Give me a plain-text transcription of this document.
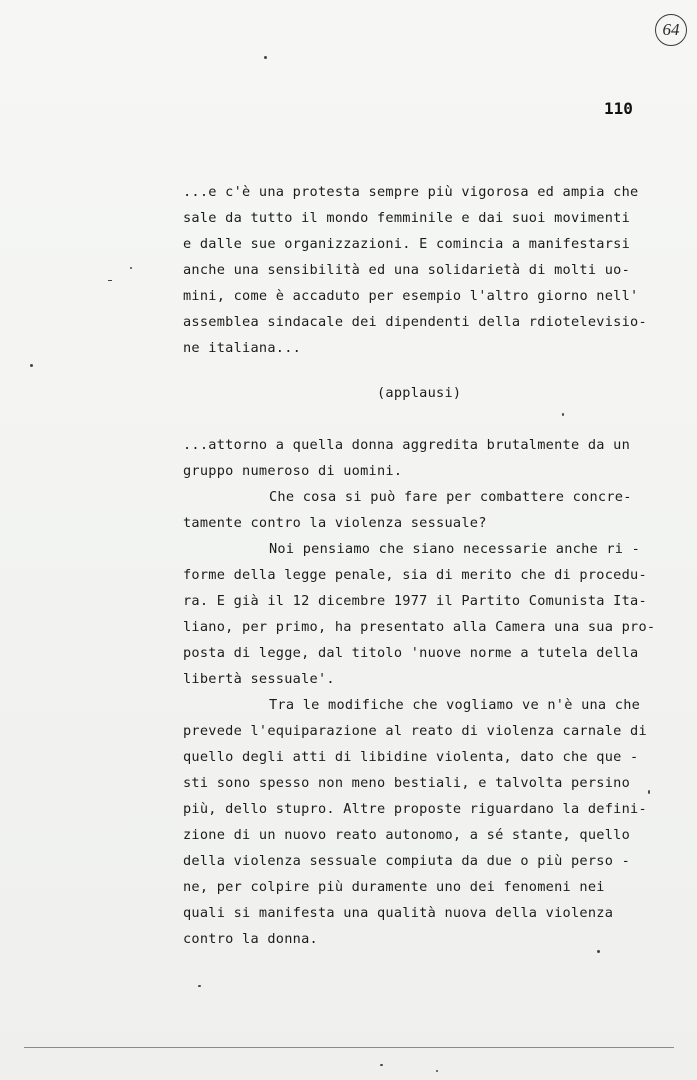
64
110
...e c'è una protesta sempre più vigorosa ed ampia che
sale da tutto il mondo femminile e dai suoi movimenti
e dalle sue organizzazioni. E comincia a manifestarsi
anche una sensibilità ed una solidarietà di molti uo-
mini, come è accaduto per esempio l'altro giorno nell'
assemblea sindacale dei dipendenti della rdiotelevisio-
ne italiana...
(applausi)
...attorno a quella donna aggredita brutalmente da un
gruppo numeroso di uomini.
Che cosa si può fare per combattere concre-
tamente contro la violenza sessuale?
Noi pensiamo che siano necessarie anche ri -
forme della legge penale, sia di merito che di procedu-
ra. E già il 12 dicembre 1977 il Partito Comunista Ita-
liano, per primo, ha presentato alla Camera una sua pro-
posta di legge, dal titolo 'nuove norme a tutela della
libertà sessuale'.
Tra le modifiche che vogliamo ve n'è una che
prevede l'equiparazione al reato di violenza carnale di
quello degli atti di libidine violenta, dato che que -
sti sono spesso non meno bestiali, e talvolta persino
più, dello stupro. Altre proposte riguardano la defini-
zione di un nuovo reato autonomo, a sé stante, quello
della violenza sessuale compiuta da due o più perso -
ne, per colpire più duramente uno dei fenomeni nei
quali si manifesta una qualità nuova della violenza
contro la donna.
